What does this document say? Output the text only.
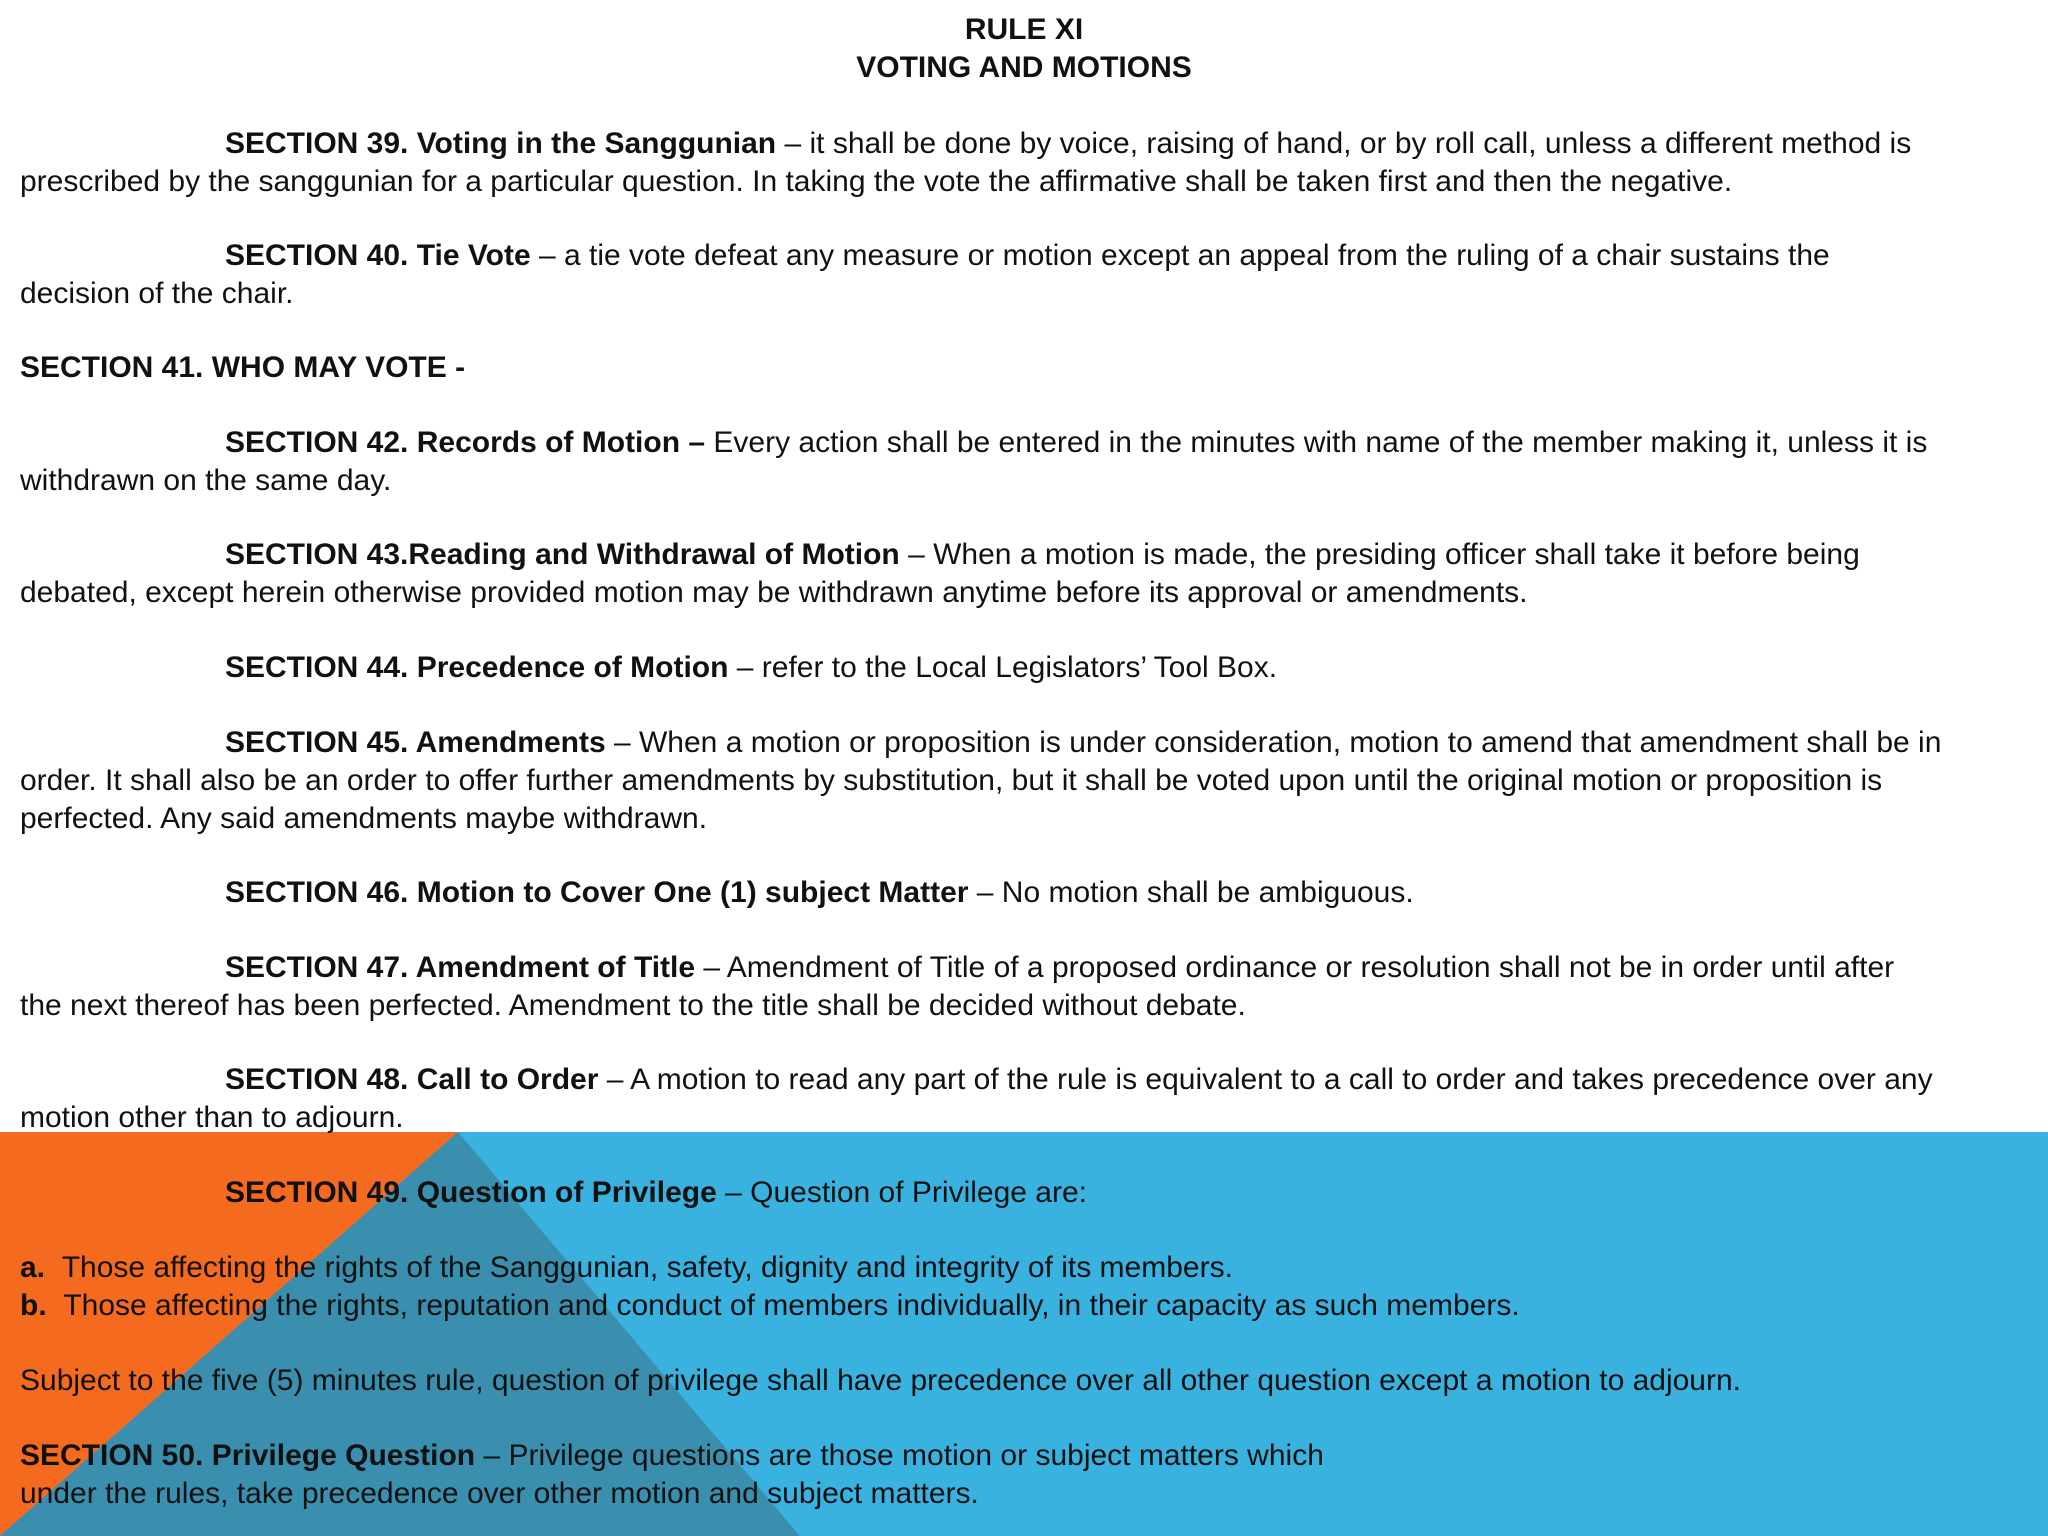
RULE XI
VOTING AND MOTIONS
SECTION 39. Voting in the Sanggunian – it shall be done by voice, raising of hand, or by roll call, unless a different method is
prescribed by the sanggunian for a particular question. In taking the vote the affirmative shall be taken first and then the negative.
SECTION 40. Tie Vote – a tie vote defeat any measure or motion except an appeal from the ruling of a chair sustains the
decision of the chair.
SECTION 41. WHO MAY VOTE -
SECTION 42. Records of Motion – Every action shall be entered in the minutes with name of the member making it, unless it is
withdrawn on the same day.
SECTION 43.Reading and Withdrawal of Motion – When a motion is made, the presiding officer shall take it before being
debated, except herein otherwise provided motion may be withdrawn anytime before its approval or amendments.
SECTION 44. Precedence of Motion – refer to the Local Legislators’ Tool Box.
SECTION 45. Amendments – When a motion or proposition is under consideration, motion to amend that amendment shall be in
order. It shall also be an order to offer further amendments by substitution, but it shall be voted upon until the original motion or proposition is
perfected. Any said amendments maybe withdrawn.
SECTION 46. Motion to Cover One (1) subject Matter – No motion shall be ambiguous.
SECTION 47. Amendment of Title – Amendment of Title of a proposed ordinance or resolution shall not be in order until after
the next thereof has been perfected. Amendment to the title shall be decided without debate.
SECTION 48. Call to Order – A motion to read any part of the rule is equivalent to a call to order and takes precedence over any
motion other than to adjourn.
SECTION 49. Question of Privilege – Question of Privilege are:
a. Those affecting the rights of the Sanggunian, safety, dignity and integrity of its members.
b. Those affecting the rights, reputation and conduct of members individually, in their capacity as such members.
Subject to the five (5) minutes rule, question of privilege shall have precedence over all other question except a motion to adjourn.
SECTION 50. Privilege Question – Privilege questions are those motion or subject matters which
under the rules, take precedence over other motion and subject matters.
